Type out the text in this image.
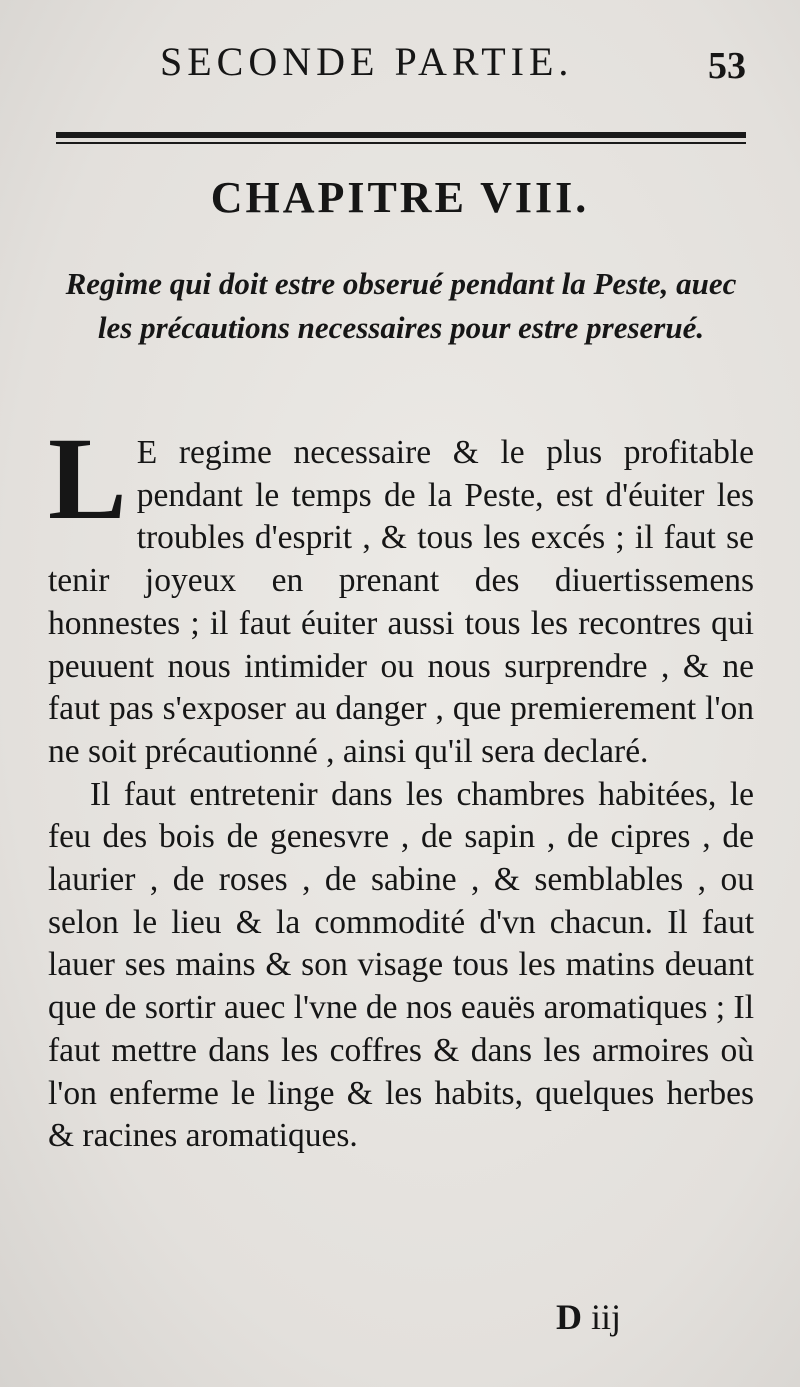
SECONDE PARTIE.	53
CHAPITRE VIII.
Regime qui doit estre obserué pendant la Peste, auec les précautions necessaires pour estre preserué.

L E regime necessaire & le plus profitable pendant le temps de la Peste, est d'éuiter les troubles d'esprit , & tous les excés ; il faut se tenir joyeux en prenant des diuertissemens honnestes ; il faut éuiter aussi tous les recontres qui peuuent nous intimider ou nous surprendre , & ne faut pas s'exposer au danger , que premierement l'on ne soit précautionné , ainsi qu'il sera declaré.

Il faut entretenir dans les chambres habitées, le feu des bois de genesvre , de sapin , de cipres , de laurier , de roses , de sabine , & semblables , ou selon le lieu & la commodité d'vn chacun. Il faut lauer ses mains & son visage tous les matins deuant que de sortir auec l'vne de nos eauës aromatiques ; Il faut mettre dans les coffres & dans les armoires où l'on enferme le linge & les habits, quelques herbes & racines aromatiques.

D iij
